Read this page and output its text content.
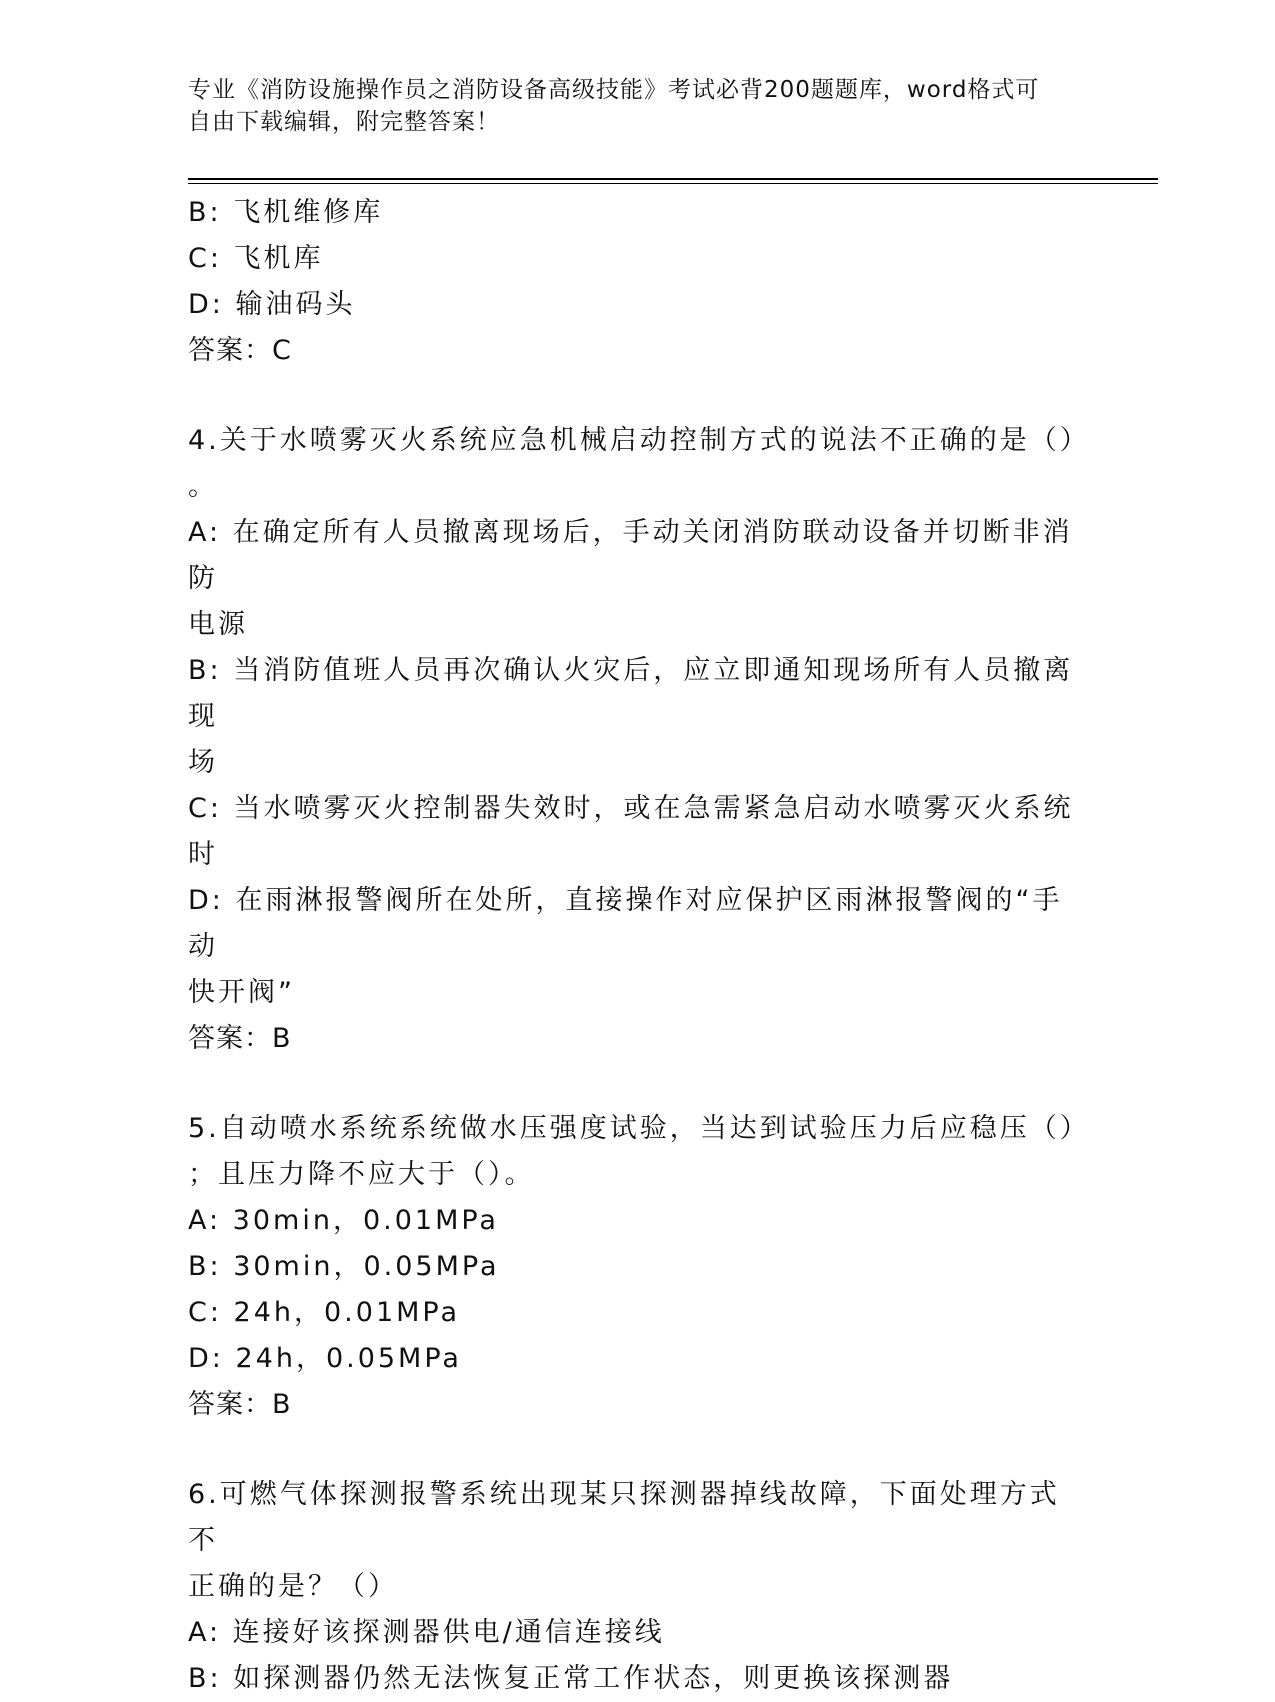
专业《消防设施操作员之消防设备高级技能》考试必背200题题库，word格式可
自由下载编辑，附完整答案！
B: 飞机维修库
C: 飞机库
D: 输油码头
答案：C
4.关于水喷雾灭火系统应急机械启动控制方式的说法不正确的是（）
。
A: 在确定所有人员撤离现场后，手动关闭消防联动设备并切断非消防
电源
B: 当消防值班人员再次确认火灾后，应立即通知现场所有人员撤离现
场
C: 当水喷雾灭火控制器失效时，或在急需紧急启动水喷雾灭火系统时
D: 在雨淋报警阀所在处所，直接操作对应保护区雨淋报警阀的“手动
快开阀”
答案：B
5.自动喷水系统系统做水压强度试验，当达到试验压力后应稳压（）
；且压力降不应大于（）。
A: 30min，0.01MPa
B: 30min，0.05MPa
C: 24h，0.01MPa
D: 24h，0.05MPa
答案：B
6.可燃气体探测报警系统出现某只探测器掉线故障，下面处理方式不
正确的是？（）
A: 连接好该探测器供电/通信连接线
B: 如探测器仍然无法恢复正常工作状态，则更换该探测器
